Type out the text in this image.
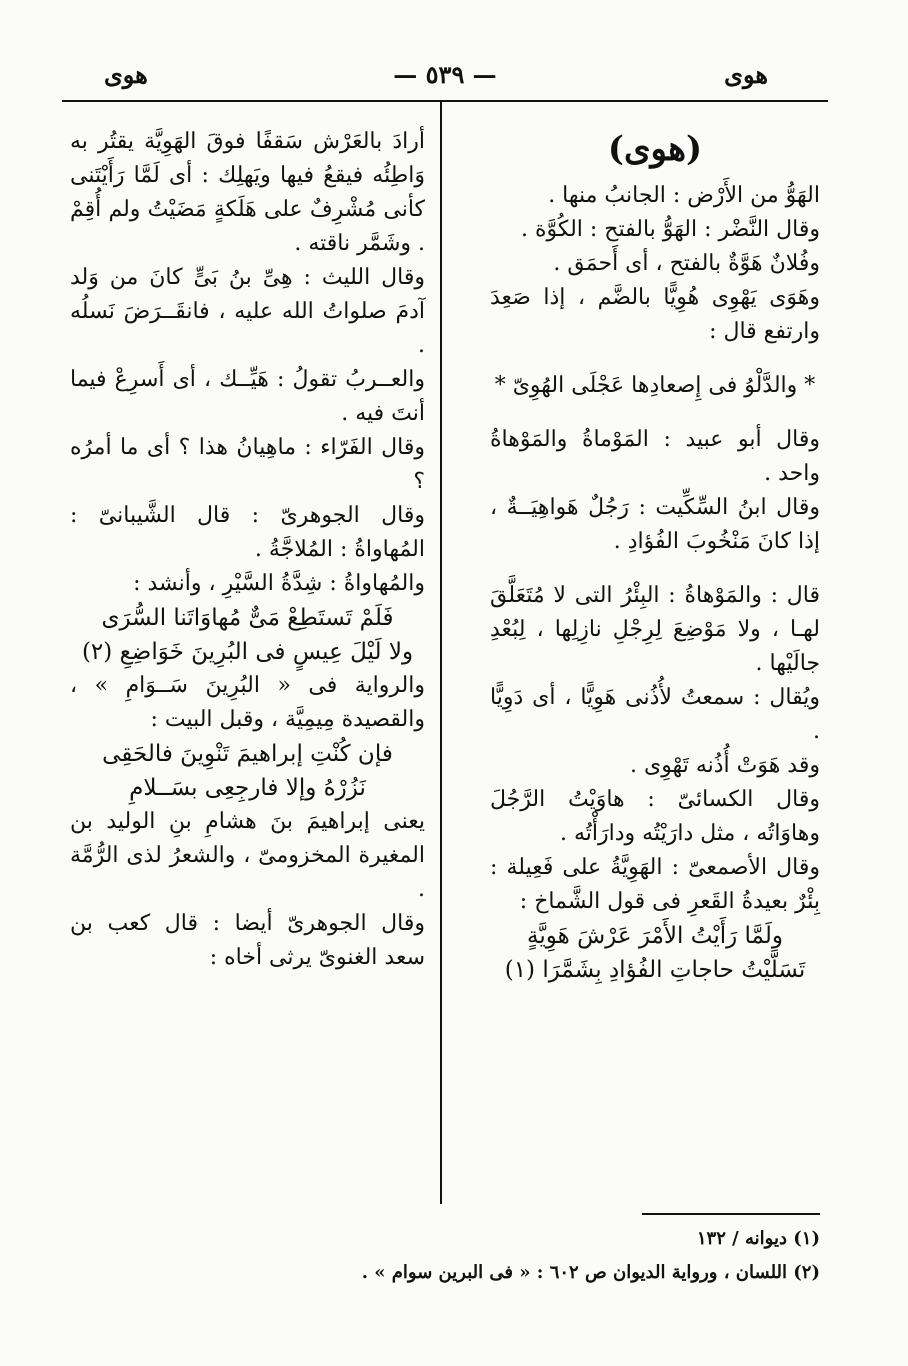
هوى	— ٥٣٩ —	هوى

(هوى)

الهَوُّ من الأَرْض : الجانبُ منها .

وقال النَّضْر : الهَوُّ بالفتح : الكُوَّة .

وفُلانٌ هَوَّةٌ بالفتح ، أى أَحمَق .

وهَوَى يَهْوِى هُوِيًّا بالضَّم ، إذا صَعِدَ وارتفع قال :

* والدَّلْوُ فى إِصعادِها عَجْلَى الهُوِىّ *

وقال أبو عبيد : المَوْماةُ والمَوْهاةُ واحد .

وقال ابنُ السِّكِّيت : رَجُلٌ هَواهِيَــةٌ ، إذا كانَ مَنْخُوبَ الفُؤادِ .

قال : والمَوْهاةُ : البِئْرُ التى لا مُتَعَلَّقَ لهـا ، ولا مَوْضِعَ لِرِجْلِ نازِلِها ، لِبُعْدِ جالَيْها .

ويُقال : سمعتُ لأُذُنى هَوِيًّا ، أى دَوِيًّا .

وقد هَوَتْ أُذُنه تَهْوِى .

وقال الكسائىّ : هاوَيْتُ الرَّجُلَ وهاوَاتُه ، مثل دارَيْتُه ودارَأْتُه .

وقال الأصمعىّ : الهَوِيَّةُ على فَعِيلة : بِئْرٌ بعيدةُ القَعرِ فى قول الشَّماخ :

ولَمَّا رَأَيْتُ الأَمْرَ عَرْشَ هَوِيَّةٍ

تَسَلَّيْتُ حاجاتِ الفُؤادِ بِشَمَّرَا (١)

أرادَ بالعَرْش سَقفًا فوقَ الهَوِيَّة يقتُر به وَاطِئُه فيقعُ فيها ويَهلِك : أى لَمَّا رَأَيْتَنى كأنى مُشْرِفٌ على هَلَكةٍ مَضَيْتُ ولم أُقِمْ . وشَمَّر ناقته .

وقال الليث : هِىِّ بنُ بَىٍّ كانَ من وَلد آدمَ صلواتُ الله عليه ، فانقَــرَضَ نَسلُه .

والعــربُ تقولُ : هَيِّــك ، أى أَسرِعْ فيما أنتَ فيه .

وقال الفَرّاء : ماهِيانُ هذا ؟ أى ما أمرُه ؟

وقال الجوهرىّ : قال الشَّيبانىّ : المُهاواةُ : المُلاجَّةُ .

والمُهاواةُ : شِدَّةُ السَّيْرِ ، وأنشد :

فَلَمْ تَستَطِعْ مَىٌّ مُهاوَاتَنا السُّرَى

ولا لَيْلَ عِيسٍ فى البُرِينَ خَوَاضِعِ (٢)

والرواية فى « البُرِينَ سَــوَامِ » ، والقصيدة مِيمِيَّة ، وقبل البيت :

فإن كُنْتِ إبراهيمَ تَنْوِينَ فالحَقِى

نَزُرْهُ وإلا فارجِعِى بسَــلامِ

يعنى إبراهيمَ بنَ هشامِ بنِ الوليد بن المغيرة المخزومىّ ، والشعرُ لذى الرُّمَّة .

وقال الجوهرىّ أيضا : قال كعب بن سعد الغنوىّ يرثى أخاه :

(١) ديوانه / ١٣٢

(٢) اللسان ، ورواية الديوان ص ٦٠٢ : « فى البرين سوام » .
